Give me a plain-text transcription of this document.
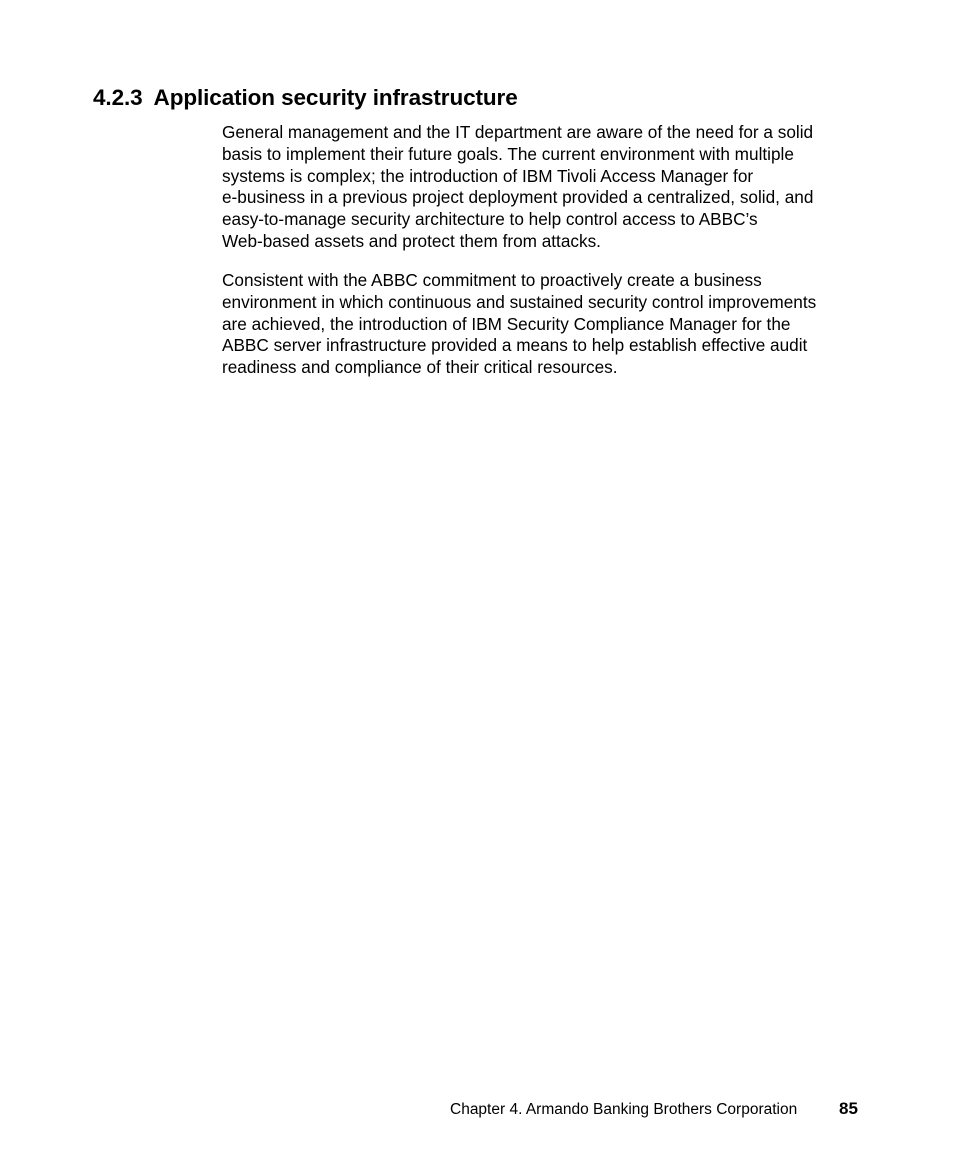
4.2.3 Application security infrastructure

General management and the IT department are aware of the need for a solid
basis to implement their future goals. The current environment with multiple
systems is complex; the introduction of IBM Tivoli Access Manager for
e-business in a previous project deployment provided a centralized, solid, and
easy-to-manage security architecture to help control access to ABBC’s
Web-based assets and protect them from attacks.

Consistent with the ABBC commitment to proactively create a business
environment in which continuous and sustained security control improvements
are achieved, the introduction of IBM Security Compliance Manager for the
ABBC server infrastructure provided a means to help establish effective audit
readiness and compliance of their critical resources.

Chapter 4. Armando Banking Brothers Corporation 85
